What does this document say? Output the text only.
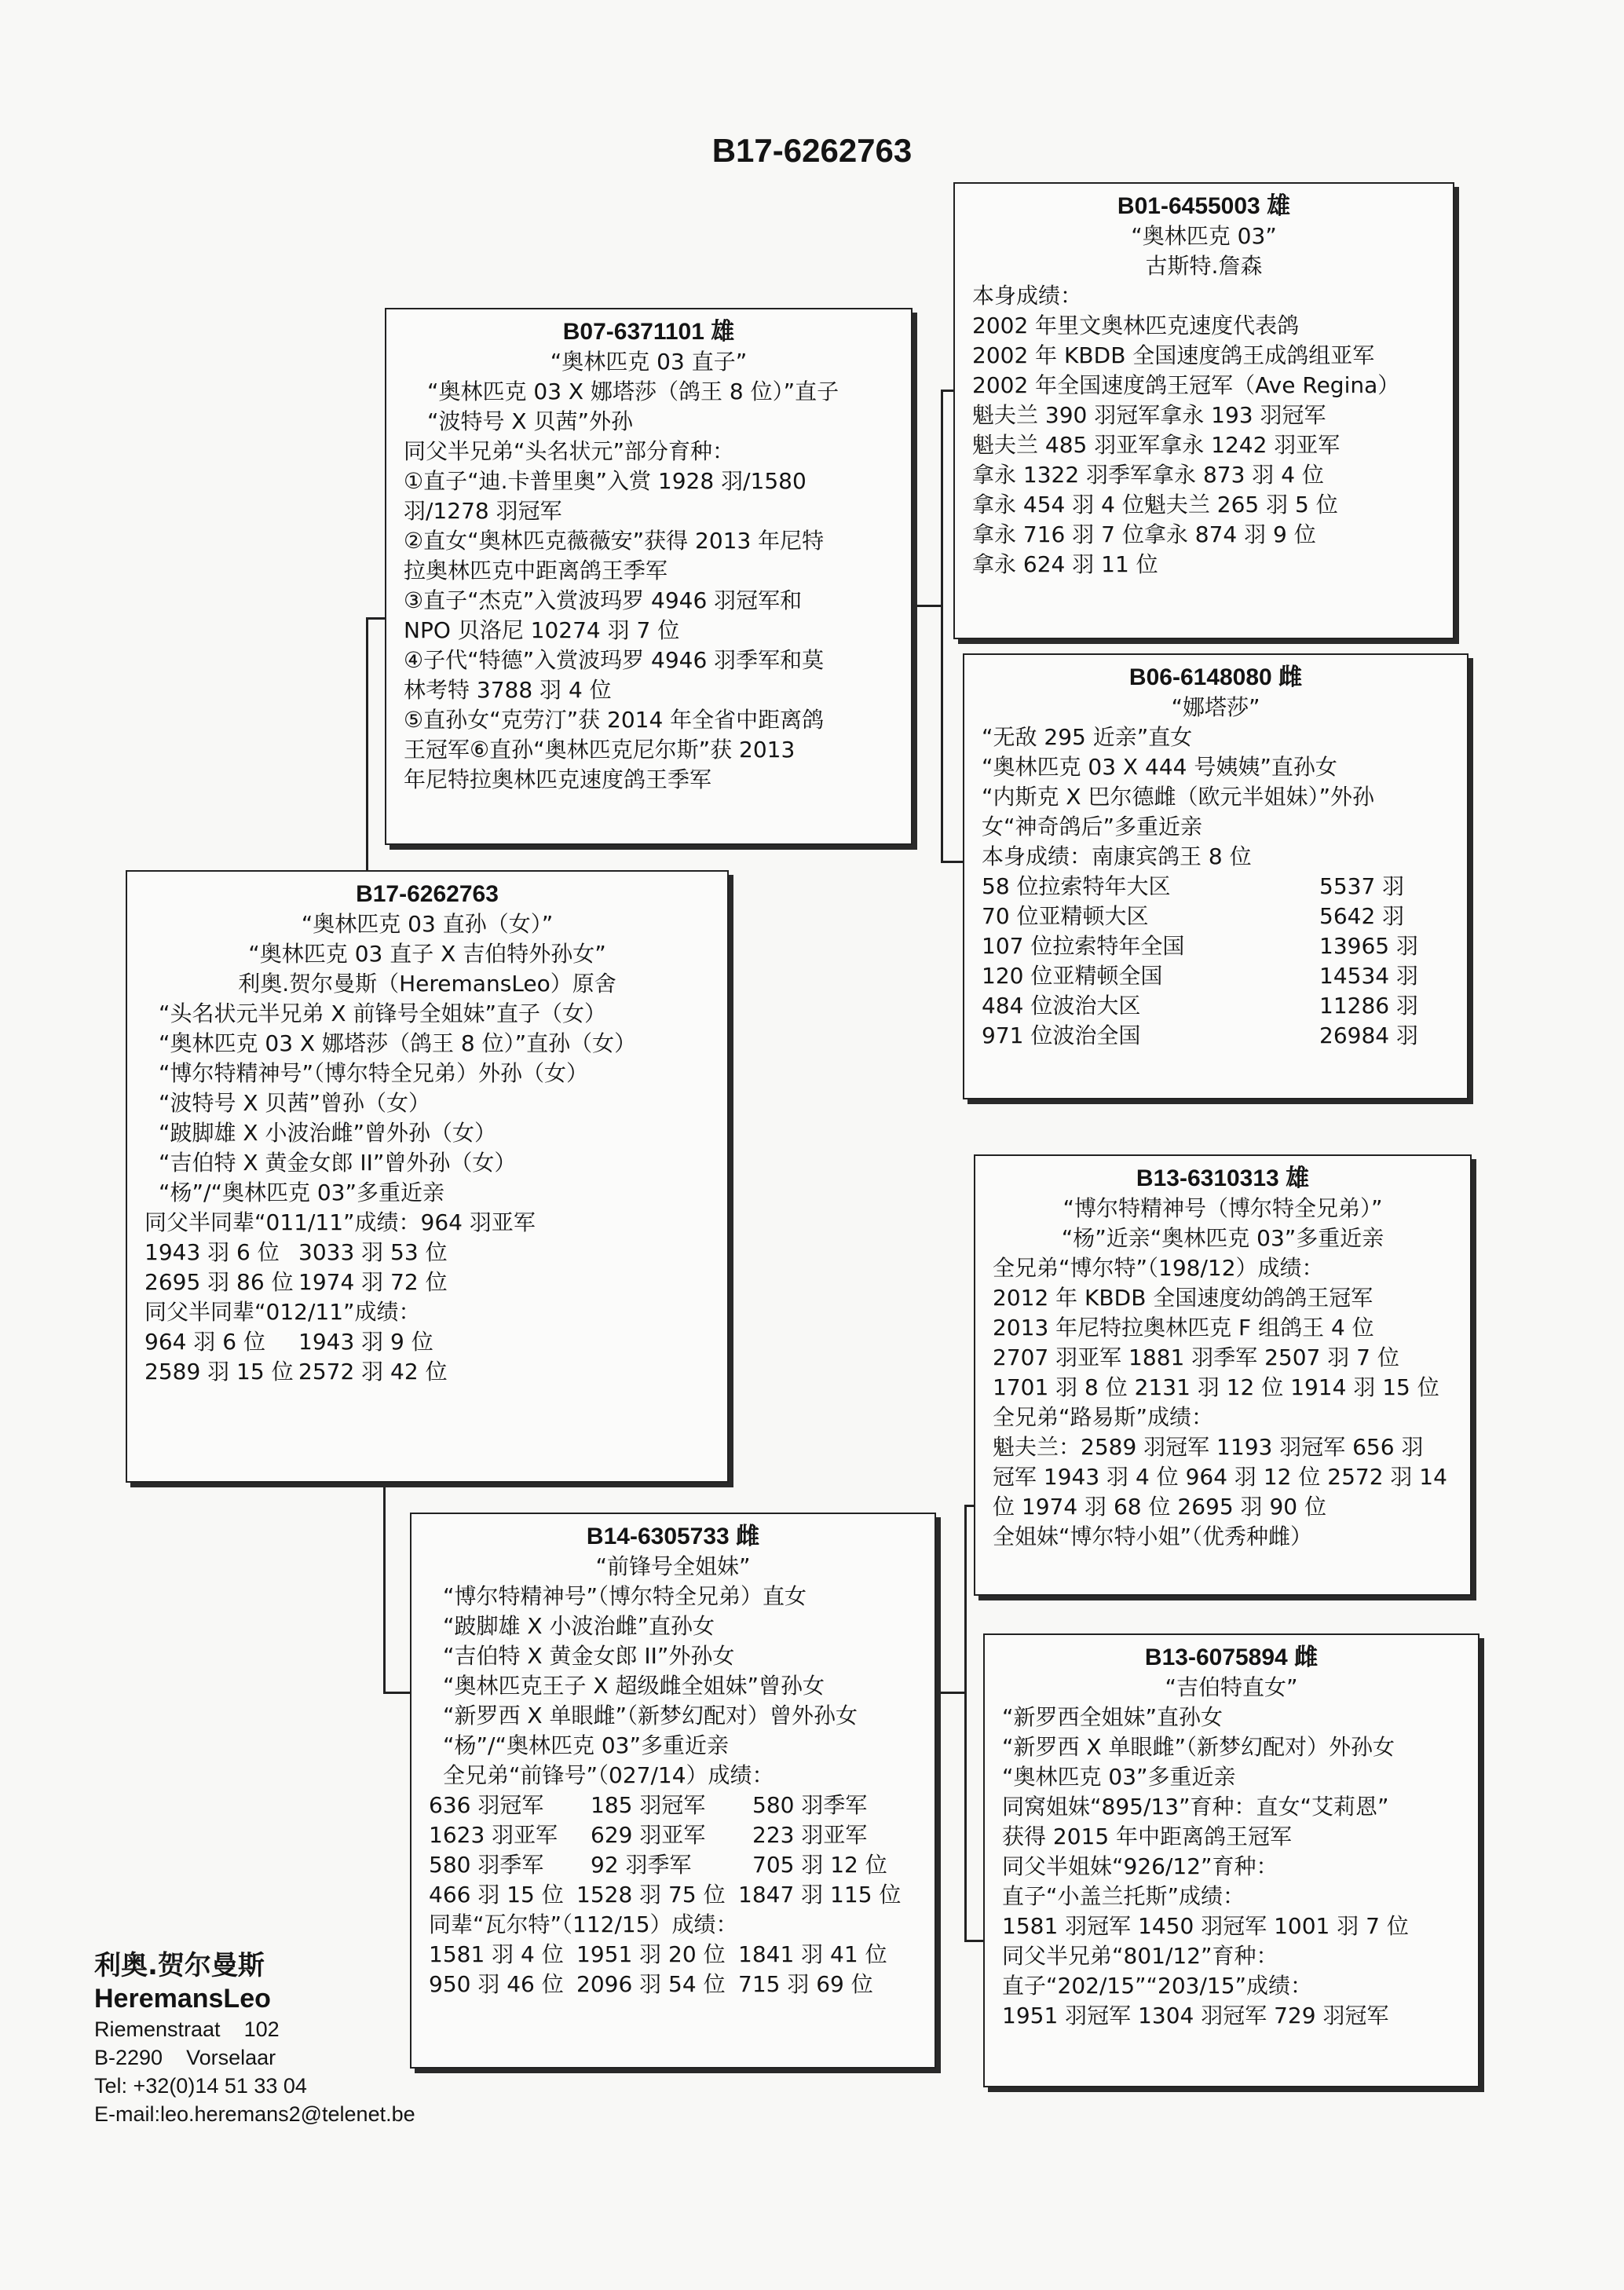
B17-6262763
B07-6371101 雄
“奥林匹克 03 直子”
“奥林匹克 03 X 娜塔莎（鸽王 8 位）”直子
“波特号 X 贝茜”外孙
同父半兄弟“头名状元”部分育种：
①直子“迪.卡普里奥”入赏 1928 羽/1580
羽/1278 羽冠军
②直女“奥林匹克薇薇安”获得 2013 年尼特
拉奥林匹克中距离鸽王季军
③直子“杰克”入赏波玛罗 4946 羽冠军和
NPO 贝洛尼 10274 羽 7 位
④子代“特德”入赏波玛罗 4946 羽季军和莫
林考特 3788 羽 4 位
⑤直孙女“克劳汀”获 2014 年全省中距离鸽
王冠军⑥直孙“奥林匹克尼尔斯”获 2013
年尼特拉奥林匹克速度鸽王季军
B01-6455003 雄
“奥林匹克 03”
古斯特.詹森
本身成绩：
2002 年里文奥林匹克速度代表鸽
2002 年 KBDB 全国速度鸽王成鸽组亚军
2002 年全国速度鸽王冠军（Ave Regina）
魁夫兰 390 羽冠军拿永 193 羽冠军
魁夫兰 485 羽亚军拿永 1242 羽亚军
拿永 1322 羽季军拿永 873 羽 4 位
拿永 454 羽 4 位魁夫兰 265 羽 5 位
拿永 716 羽 7 位拿永 874 羽 9 位
拿永 624 羽 11 位
B06-6148080 雌
“娜塔莎”
“无敌 295 近亲”直女
“奥林匹克 03 X 444 号姨姨”直孙女
“内斯克 X 巴尔德雌（欧元半姐妹）”外孙
女“神奇鸽后”多重近亲
本身成绩：南康宾鸽王 8 位
58 位拉索特年大区	5537 羽
70 位亚精顿大区	5642 羽
107 位拉索特年全国	13965 羽
120 位亚精顿全国	14534 羽
484 位波治大区	11286 羽
971 位波治全国	26984 羽
B17-6262763
“奥林匹克 03 直孙（女）”
“奥林匹克 03 直子 X 吉伯特外孙女”
利奥.贺尔曼斯（HeremansLeo）原舍
“头名状元半兄弟 X 前锋号全姐妹”直子（女）
“奥林匹克 03 X 娜塔莎（鸽王 8 位）”直孙（女）
“博尔特精神号”（博尔特全兄弟）外孙（女）
“波特号 X 贝茜”曾孙（女）
“跛脚雄 X 小波治雌”曾外孙（女）
“吉伯特 X 黄金女郎 II”曾外孙（女）
“杨”/“奥林匹克 03”多重近亲
同父半同辈“011/11”成绩：964 羽亚军
1943 羽 6 位 3033 羽 53 位
2695 羽 86 位 1974 羽 72 位
同父半同辈“012/11”成绩：
964 羽 6 位	1943 羽 9 位
2589 羽 15 位 2572 羽 42 位
B14-6305733 雌
“前锋号全姐妹”
“博尔特精神号”（博尔特全兄弟）直女
“跛脚雄 X 小波治雌”直孙女
“吉伯特 X 黄金女郎 II”外孙女
“奥林匹克王子 X 超级雌全姐妹”曾孙女
“新罗西 X 单眼雌”（新梦幻配对）曾外孙女
“杨”/“奥林匹克 03”多重近亲
全兄弟“前锋号”（027/14）成绩：
636 羽冠军	185 羽冠军	580 羽季军
1623 羽亚军	629 羽亚军	223 羽亚军
580 羽季军	92 羽季军	705 羽 12 位
466 羽 15 位 1528 羽 75 位 1847 羽 115 位
同辈“瓦尔特”（112/15）成绩：
1581 羽 4 位 1951 羽 20 位 1841 羽 41 位
950 羽 46 位 2096 羽 54 位 715 羽 69 位
B13-6310313 雄
“博尔特精神号（博尔特全兄弟）”
“杨”近亲“奥林匹克 03”多重近亲
全兄弟“博尔特”（198/12）成绩：
2012 年 KBDB 全国速度幼鸽鸽王冠军
2013 年尼特拉奥林匹克 F 组鸽王 4 位
2707 羽亚军 1881 羽季军 2507 羽 7 位
1701 羽 8 位 2131 羽 12 位 1914 羽 15 位
全兄弟“路易斯”成绩：
魁夫兰：2589 羽冠军 1193 羽冠军 656 羽
冠军 1943 羽 4 位 964 羽 12 位 2572 羽 14
位 1974 羽 68 位 2695 羽 90 位
全姐妹“博尔特小姐”（优秀种雌）
B13-6075894 雌
“吉伯特直女”
“新罗西全姐妹”直孙女
“新罗西 X 单眼雌”（新梦幻配对）外孙女
“奥林匹克 03”多重近亲
同窝姐妹“895/13”育种：直女“艾莉恩”
获得 2015 年中距离鸽王冠军
同父半姐妹“926/12”育种：
直子“小盖兰托斯”成绩：
1581 羽冠军 1450 羽冠军 1001 羽 7 位
同父半兄弟“801/12”育种：
直子“202/15”“203/15”成绩：
1951 羽冠军 1304 羽冠军 729 羽冠军
利奥.贺尔曼斯
HeremansLeo
Riemenstraat    102
B-2290    Vorselaar
Tel: +32(0)14 51 33 04
E-mail:leo.heremans2@telenet.be
